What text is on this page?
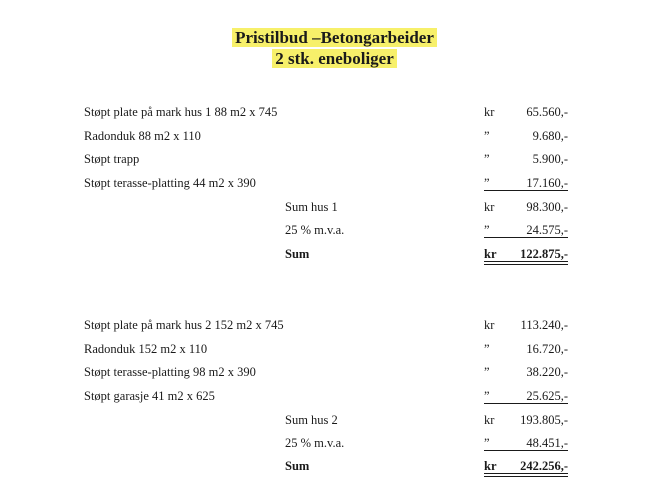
Pristilbud –Betongarbeider
2 stk. eneboliger
Støpt plate på mark hus 1 88 m2 x 745	kr	65.560,-
Radonduk 88 m2 x 110	”	9.680,-
Støpt trapp	”	5.900,-
Støpt terasse-platting 44 m2 x 390	”	17.160,-
Sum hus 1	kr	98.300,-
25 % m.v.a.	”	24.575,-
Sum	kr	122.875,-
Støpt plate på mark hus 2 152 m2 x 745	kr	113.240,-
Radonduk 152 m2 x 110	”	16.720,-
Støpt terasse-platting 98 m2 x 390	”	38.220,-
Støpt garasje 41 m2 x 625	”	25.625,-
Sum hus 2	kr	193.805,-
25 % m.v.a.	”	48.451,-
Sum	kr	242.256,-
